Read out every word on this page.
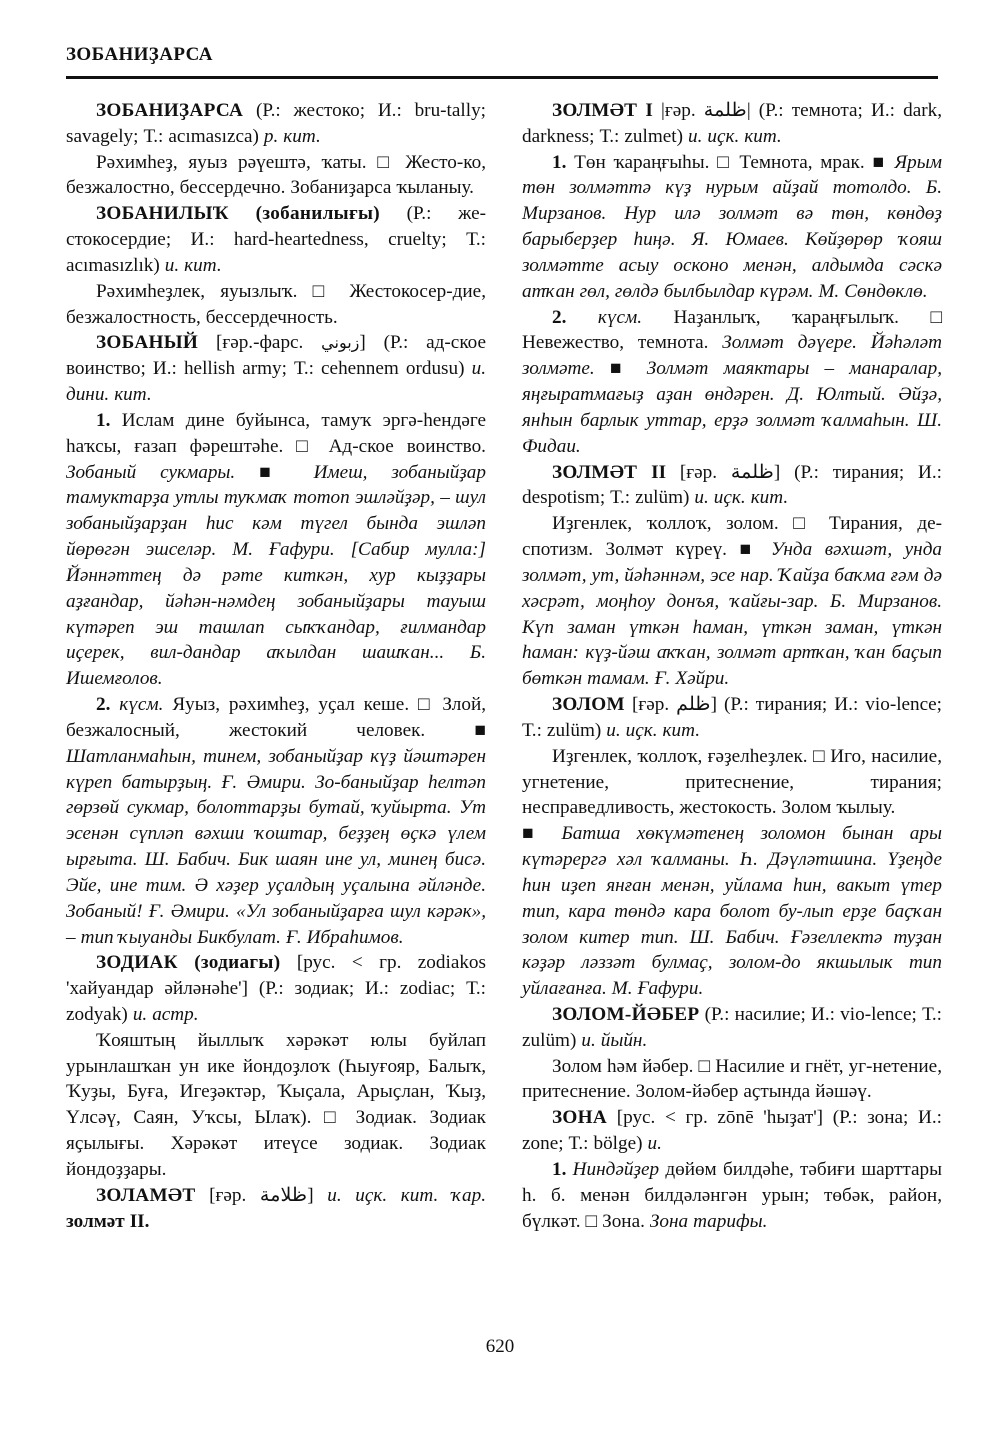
ЗОБАНИҘАРСА

ЗОБАНИҘАРСА (Р.: жестоко; И.: bru-tally; savagely; Т.: acımasızca) р. кит.

Рәхимһеҙ, яуыз рәүештә, ҡаты. □ Жесто-ко, безжалостно, бессердечно. Зобаниҙарса ҡыланыу.

ЗОБАНИЛЫҠ (зобанилығы) (Р.: же-стокосердие; И.: hard-heartedness, cruelty; Т.: acımasızlık) и. кит.

Рәхимһеҙлек, яуызлыҡ. □ Жестокосер-дие, безжалостность, бессердечность.

ЗОБАНЫЙ [ғәр.-фарс. زبوني] (Р.: ад-ское воинство; И.: hellish army; Т.: cehennem ordusu) и. дини. кит.

1. Ислам дине буйынса, тамуҡ эргә-һендәге һаҡсы, ғазап фәрештәһе. □ Ад-ское воинство. Зобаный сукмары. ■ Имеш, зобаныйҙар тамуктарҙа утлы туҡмаҡ тотоп эшләйҙәр, – шул зобаныйҙарҙан һис кәм түгел бында эшләп йөрөгән эшселәр. М. Ғафури. [Сабир мулла:] Йәннәттең дә рәте киткән, хур кыҙҙары аҙғандар, йәһән-нәмдең зобаныйҙары тауыш күтәреп эш ташлап сыҡҡандар, ғилмандар иҫерек, вил-дандар аҡылдан шашҡан... Б. Ишемғолов.

2. күсм. Яуыз, рәхимһеҙ, уҫал кеше. □ Злой, безжалосный, жестокий человек.	■ Шатланмаһын, тинем, зобаныйҙар күҙ йәштәрен күреп батырҙың. Ғ. Әмири. Зо-баныйҙар һелтәп гөрзөй сукмар, болоттарҙы бутай, ҡуйырта. Ут эсенән сүпләп вәхши ҡоштар, беҙҙең өҫкә үлем ырғыта. Ш. Бабич. Бик шаян ине ул, минең бисә. Эйе, ине тим. Ә хәҙер уҫалдың уҫалына әйләнде. Зобаный! Ғ. Әмири. «Ул зобаныйҙарға шул кәрәк», – тип ҡыуанды Бикбулат. Ғ. Ибраһимов.

ЗОДИАК (зодиагы) [рус. < гр. zodiakos 'хайуандар әйләнәһе'] (Р.: зодиак; И.: zodiac; Т.: zodyak) и. астр.

Ҡояштың йыллыҡ хәрәкәт юлы буйлап урынлашҡан ун ике йондоҙлоҡ (Һыуғояр, Балыҡ, Ҡуҙы, Буға, Игеҙәктәр, Ҡыҫала, Арыҫлан, Ҡыҙ, Үлсәү, Саян, Уҡсы, Ылаҡ). □ Зодиак. Зодиак яҫылығы. Хәрәкәт итеүсе зодиак. Зодиак йондоҙҙары.

ЗОЛАМӘТ [ғәр. ظلامة] и. иҫк. кит. ҡар. золмәт II.

ЗОЛМӘТ I |ғәр. ظلمة| (Р.: темнота; И.: dark, darkness; Т.: zulmet) и. иҫк. кит.

1. Төн ҡараңғыһы. □ Темнота, мрак. ■ Ярым төн золмәттә күҙ нурым айҙай тотолдо. Б. Мирзанов. Нур илә золмәт вә төн, көндөҙ барыберҙер һиңә. Я. Юмаев. Көйҙөрөр ҡояш золмәтте асыу осконо менән, алдымда сәскә атҡан гөл, гөлдә былбылдар күрәм. М. Сөндөклө.

2. күсм. Наҙанлыҡ, ҡараңғылыҡ. □ Невежество, темнота. Золмәт дәүере. Йәһәләт золмәте. ■ Золмәт маяктары – манаралар, яңғыратмағыҙ аҙан өндәрен. Д. Юлтый. Әйҙә, янһын барлык уттар, ерҙә золмәт ҡалмаһын. Ш. Фидаи.

ЗОЛМӘТ II [ғәр. ظلمة] (Р.: тирания; И.: despotism; Т.: zulüm) и. иҫк. кит.

Иҙгенлек, ҡоллоҡ, золом. □ Тирания, де-спотизм. Золмәт күреү. ■ Унда вәхшәт, унда золмәт, ут, йәһәннәм, эсе нар. Ҡайҙа баҡма ғәм дә хәсрәт, моңһоу донъя, ҡайғы-зар. Б. Мирзанов. Күп заман үткән һаман, үткән заман, үткән һаман: күҙ-йәш аҡҡан, золмәт артҡан, ҡан баҫып бөткән тамам. Ғ. Хәйри.

ЗОЛОМ [ғәр. ظلم] (Р.: тирания; И.: vio-lence; Т.: zulüm) и. иҫк. кит.

Иҙгенлек, ҡоллоҡ, ғәҙелһеҙлек. □ Иго, насилие, угнетение, притеснение, тирания; несправедливость, жестокость. Золом ҡылыу.

■ Батша хөкүмәтенең золомон бынан ары күтәрергә хәл ҡалманы. Һ. Дәүләтшина. Үҙеңде һин иҙеп янған менән, уйлама һин, вакыт үтер тип, кара төндә кара болот бу-лып ерҙе баҫҡан золом китер тип. Ш. Бабич. Ғәзеллектә туҙан кәҙәр ләззәт булмаҫ, золом-до якшылык тип уйлағанға. М. Ғафури.

ЗОЛОМ-ЙӘБЕР (Р.: насилие; И.: vio-lence; Т.: zulüm) и. йыйн.

Золом һәм йәбер. □ Насилие и гнёт, уг-нетение, притеснение. Золом-йәбер аҫтында йәшәү.

ЗОНА [рус. < гр. zōnē 'һыҙат'] (Р.: зона; И.: zone; Т.: bölge) и.

1. Ниндәйҙер дөйөм билдәһе, тәбиғи шарттары һ. б. менән билдәләнгән урын; төбәк, район, бүлкәт. □ Зона. Зона тарифы.

620
